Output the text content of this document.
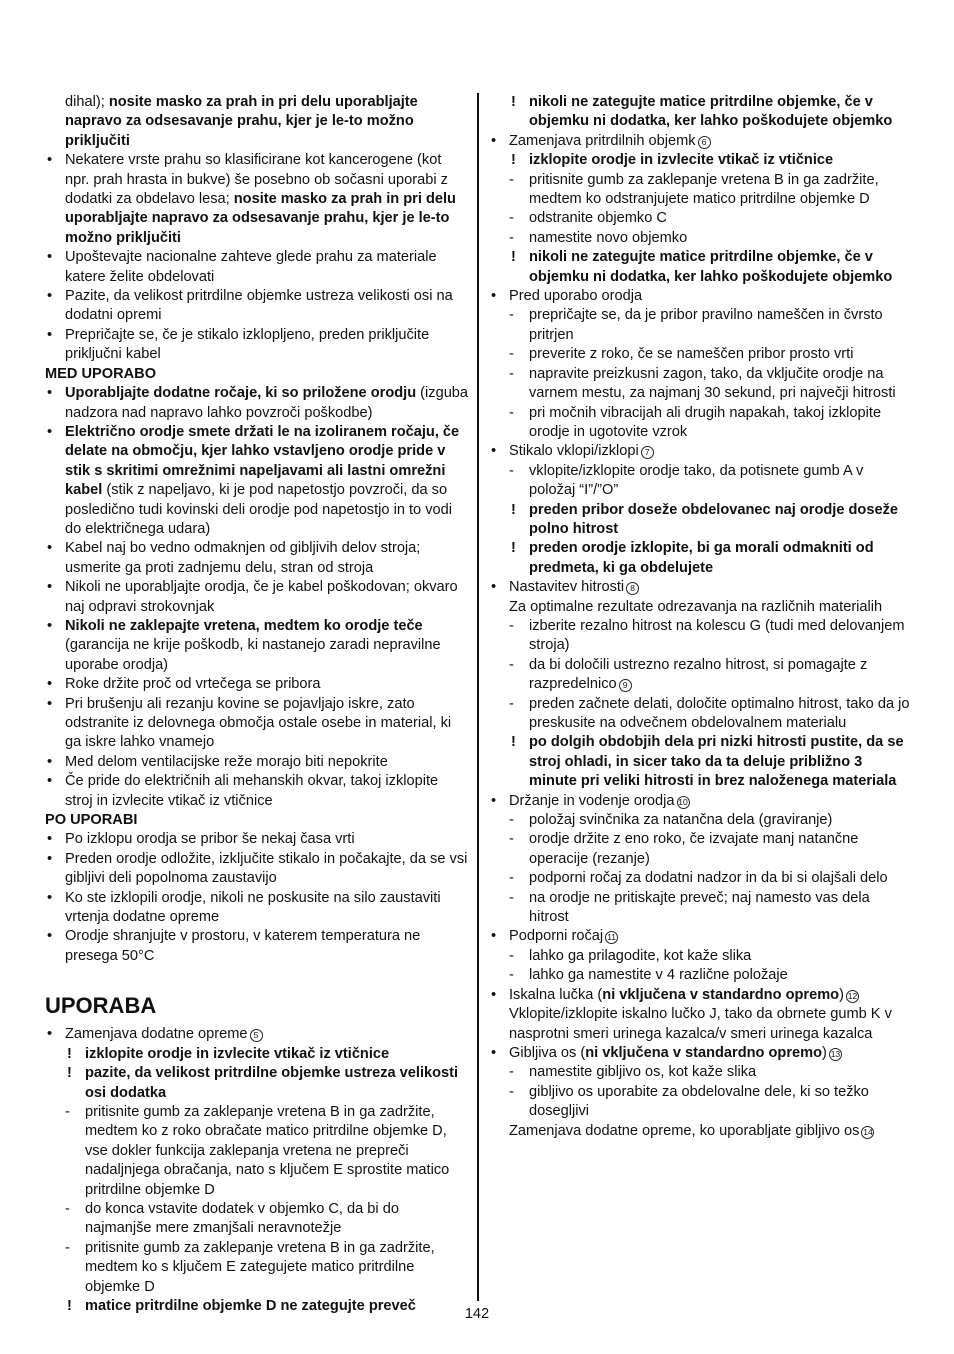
dihal); nosite masko za prah in pri delu uporabljajte napravo za odsesavanje prahu, kjer je le-to možno priključiti
• Nekatere vrste prahu so klasificirane kot kancerogene (kot npr. prah hrasta in bukve) še posebno ob sočasni uporabi z dodatki za obdelavo lesa; nosite masko za prah in pri delu uporabljajte napravo za odsesavanje prahu, kjer je le-to možno priključiti
• Upoštevajte nacionalne zahteve glede prahu za materiale katere želite obdelovati
• Pazite, da velikost pritrdilne objemke ustreza velikosti osi na dodatni opremi
• Prepričajte se, če je stikalo izklopljeno, preden priključite priključni kabel
MED UPORABO
• Uporabljajte dodatne ročaje, ki so priložene orodju (izguba nadzora nad napravo lahko povzroči poškodbe)
• Električno orodje smete držati le na izoliranem ročaju, če delate na območju, kjer lahko vstavljeno orodje pride v stik s skritimi omrežnimi napeljavami ali lastni omrežni kabel (stik z napeljavo, ki je pod napetostjo povzroči, da so posledično tudi kovinski deli orodje pod napetostjo in to vodi do električnega udara)
• Kabel naj bo vedno odmaknjen od gibljivih delov stroja; usmerite ga proti zadnjemu delu, stran od stroja
• Nikoli ne uporabljajte orodja, če je kabel poškodovan; okvaro naj odpravi strokovnjak
• Nikoli ne zaklepajte vretena, medtem ko orodje teče (garancija ne krije poškodb, ki nastanejo zaradi nepravilne uporabe orodja)
• Roke držite proč od vrtečega se pribora
• Pri brušenju ali rezanju kovine se pojavljajo iskre, zato odstranite iz delovnega območja ostale osebe in material, ki ga iskre lahko vnamejo
• Med delom ventilacijske reže morajo biti nepokrite
• Če pride do električnih ali mehanskih okvar, takoj izklopite stroj in izvlecite vtikač iz vtičnice
PO UPORABI
• Po izklopu orodja se pribor še nekaj časa vrti
• Preden orodje odložite, izključite stikalo in počakajte, da se vsi gibljivi deli popolnoma zaustavijo
• Ko ste izklopili orodje, nikoli ne poskusite na silo zaustaviti vrtenja dodatne opreme
• Orodje shranjujte v prostoru, v katerem temperatura ne presega 50°C
UPORABA
• Zamenjava dodatne opreme 5
! izklopite orodje in izvlecite vtikač iz vtičnice
! pazite, da velikost pritrdilne objemke ustreza velikosti osi dodatka
- pritisnite gumb za zaklepanje vretena B in ga zadržite, medtem ko z roko obračate matico pritrdilne objemke D, vse dokler funkcija zaklepanja vretena ne prepreči nadaljnjega obračanja, nato s ključem E sprostite matico pritrdilne objemke D
- do konca vstavite dodatek v objemko C, da bi do najmanjše mere zmanjšali neravnotežje
- pritisnite gumb za zaklepanje vretena B in ga zadržite, medtem ko s ključem E zategujete matico pritrdilne objemke D
! matice pritrdilne objemke D ne zategujte preveč
! nikoli ne zategujte matice pritrdilne objemke, če v objemku ni dodatka, ker lahko poškodujete objemko
• Zamenjava pritrdilnih objemk 6
! izklopite orodje in izvlecite vtikač iz vtičnice
- pritisnite gumb za zaklepanje vretena B in ga zadržite, medtem ko odstranjujete matico pritrdilne objemke D
- odstranite objemko C
- namestite novo objemko
! nikoli ne zategujte matice pritrdilne objemke, če v objemku ni dodatka, ker lahko poškodujete objemko
• Pred uporabo orodja
- prepričajte se, da je pribor pravilno nameščen in čvrsto pritrjen
- preverite z roko, če se nameščen pribor prosto vrti
- napravite preizkusni zagon, tako, da vključite orodje na varnem mestu, za najmanj 30 sekund, pri največji hitrosti
- pri močnih vibracijah ali drugih napakah, takoj izklopite orodje in ugotovite vzrok
• Stikalo vklopi/izklopi 7
- vklopite/izklopite orodje tako, da potisnete gumb A v položaj “I”/”O”
! preden pribor doseže obdelovanec naj orodje doseže polno hitrost
! preden orodje izklopite, bi ga morali odmakniti od predmeta, ki ga obdelujete
• Nastavitev hitrosti 8
Za optimalne rezultate odrezavanja na različnih materialih
- izberite rezalno hitrost na kolescu G (tudi med delovanjem stroja)
- da bi določili ustrezno rezalno hitrost, si pomagajte z razpredelnico 9
- preden začnete delati, določite optimalno hitrost, tako da jo preskusite na odvečnem obdelovalnem materialu
! po dolgih obdobjih dela pri nizki hitrosti pustite, da se stroj ohladi, in sicer tako da ta deluje približno 3 minute pri veliki hitrosti in brez naloženega materiala
• Držanje in vodenje orodja 10
- položaj svinčnika za natančna dela (graviranje)
- orodje držite z eno roko, če izvajate manj natančne operacije (rezanje)
- podporni ročaj za dodatni nadzor in da bi si olajšali delo
- na orodje ne pritiskajte preveč; naj namesto vas dela hitrost
• Podporni ročaj 11
- lahko ga prilagodite, kot kaže slika
- lahko ga namestite v 4 različne položaje
• Iskalna lučka (ni vključena v standardno opremo) 12
Vklopite/izklopite iskalno lučko J, tako da obrnete gumb K v nasprotni smeri urinega kazalca/v smeri urinega kazalca
• Gibljiva os (ni vključena v standardno opremo) 13
- namestite gibljivo os, kot kaže slika
- gibljivo os uporabite za obdelovalne dele, ki so težko dosegljivi
Zamenjava dodatne opreme, ko uporabljate gibljivo os 14
142
